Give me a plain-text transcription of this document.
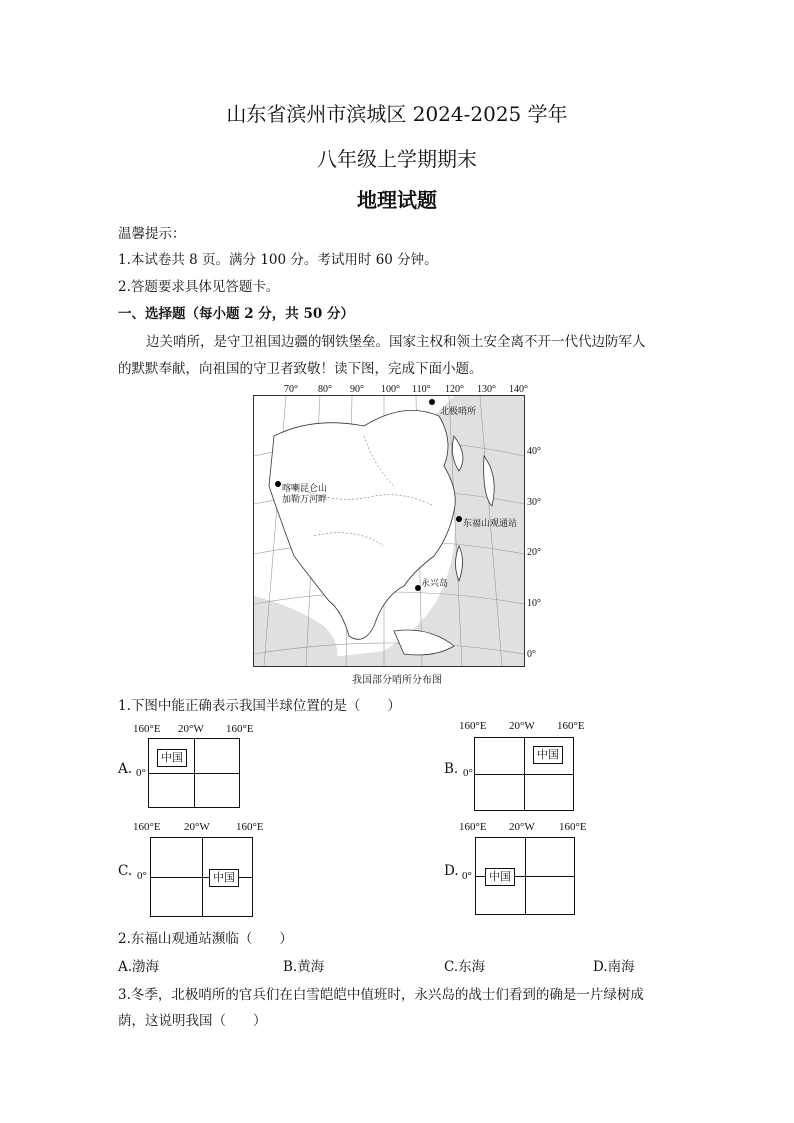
山东省滨州市滨城区 2024-2025 学年
八年级上学期期末
地理试题
温馨提示：
1.本试卷共 8 页。满分 100 分。考试用时 60 分钟。
2.答题要求具体见答题卡。
一、选择题（每小题 2 分，共 50 分）
边关哨所，是守卫祖国边疆的钢铁堡垒。国家主权和领土安全离不开一代代边防军人
的默默奉献，向祖国的守卫者致敬！读下图，完成下面小题。
70° 80° 90° 100° 110° 120° 130° 140°
北极哨所
喀喇昆仑山
加勒万河畔
东福山观通站
永兴岛
40°
30°
20°
10°
0°
我国部分哨所分布图
1.下图中能正确表示我国半球位置的是（　　）
160°E 20°W 160°E
A. 0°
中国
160°E 20°W 160°E
B. 0°
中国
160°E 20°W 160°E
C. 0°	中国
160°E 20°W 160°E
D. 0°	中国
2.东福山观通站濒临（　　）
A.渤海	B.黄海	C.东海	D.南海
3.冬季，北极哨所的官兵们在白雪皑皑中值班时，永兴岛的战士们看到的确是一片绿树成
荫，这说明我国（　　）
